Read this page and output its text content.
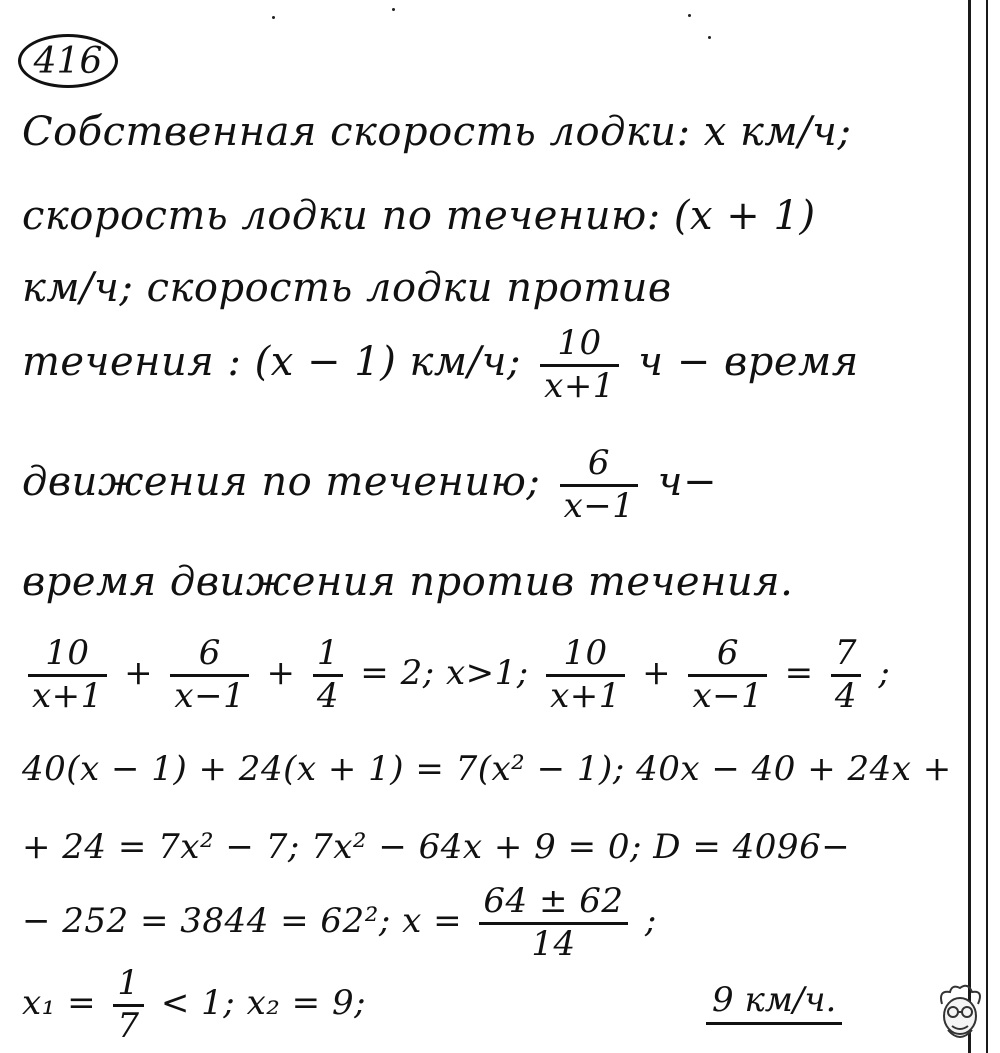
416
Собственная скорость лодки: x км/ч;
скорость лодки по течению: (x + 1)
км/ч; скорость лодки против
течения : (x − 1) км/ч; $\frac{10}{x+1}$ ч − время
движения по течению; $\frac{6}{x-1} ч-$
время движения против течения.
$\frac{10}{x+1} + \frac{6}{x-1} + \frac{1}{4} = 2$; x>1; $\frac{10}{x+1} + \frac{6}{x-1} = \frac{7}{4}$ ;
40(x − 1) + 24(x + 1) = 7(x² − 1); 40x − 40 + 24x +
+ 24 = 7x² − 7; 7x² − 64x + 9 = 0; D = 4096−
− 252 = 3844 = 62²; $x = \frac{64 \pm 62}{14}$ ;
$x_1 = \frac{1}{7} < 1$; x₂ = 9;	9 км/ч.
